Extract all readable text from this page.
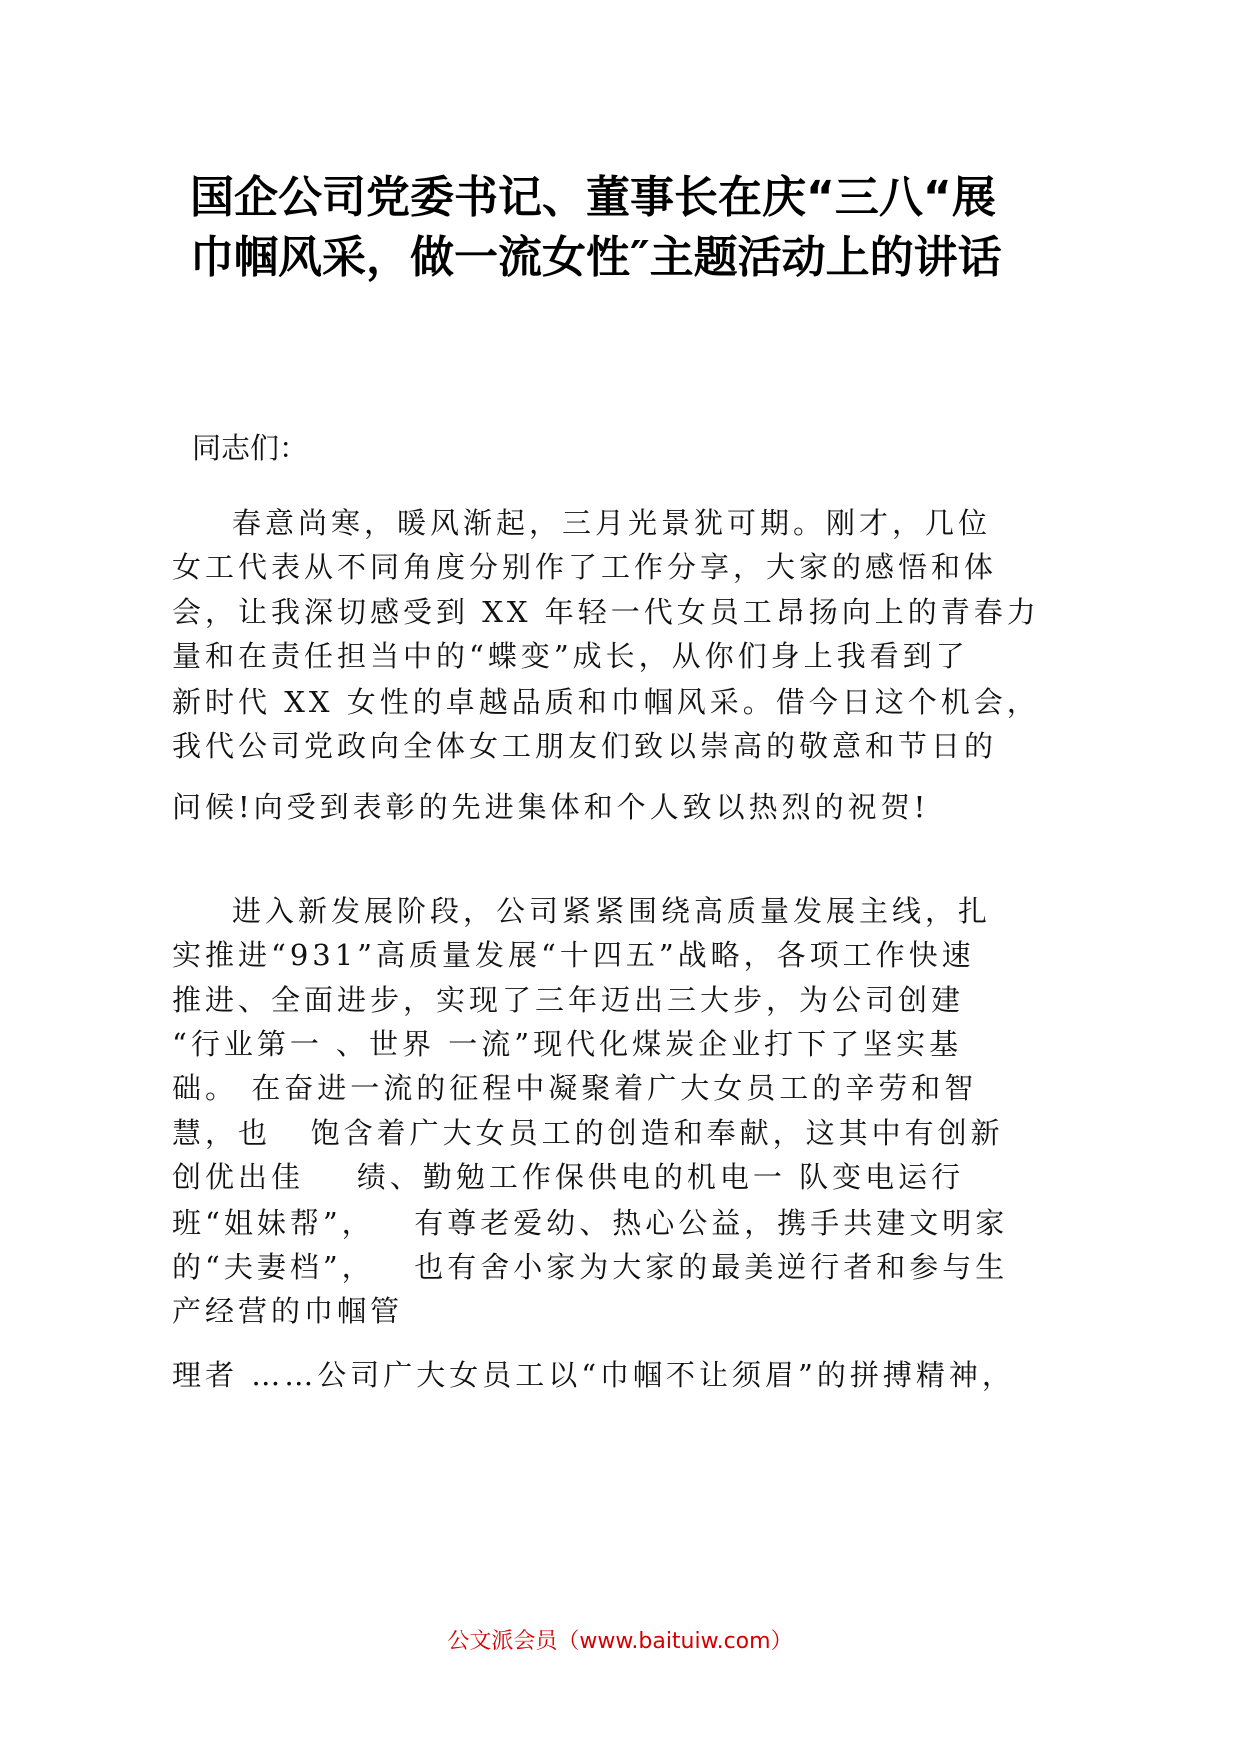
国企公司党委书记、董事长在庆“三八“展
巾帼风采，做一流女性″主题活动上的讲话

同志们：

春意尚寒，暖风渐起，三月光景犹可期。刚才，几位

女工代表从不同角度分别作了工作分享，大家的感悟和体

会，让我深切感受到 XX 年轻一代女员工昂扬向上的青春力

量和在责任担当中的“蝶变”成长，从你们身上我看到了

新时代 XX 女性的卓越品质和巾帼风采。借今日这个机会，

我代公司党政向全体女工朋友们致以崇高的敬意和节日的

问候!向受到表彰的先进集体和个人致以热烈的祝贺!

进入新发展阶段，公司紧紧围绕高质量发展主线，扎

实推进“931”高质量发展“十四五”战略，各项工作快速

推进、全面进步，实现了三年迈出三大步，为公司创建

“行业第一 、世界 一流”现代化煤炭企业打下了坚实基

础。 在奋进一流的征程中凝聚着广大女员工的辛劳和智

慧，也   饱含着广大女员工的创造和奉献，这其中有创新

创优出佳    绩、勤勉工作保供电的机电一 队变电运行

班“姐妹帮”，   有尊老爱幼、热心公益，携手共建文明家

的“夫妻档”，   也有舍小家为大家的最美逆行者和参与生

产经营的巾帼管

理者 ……公司广大女员工以“巾帼不让须眉”的拼搏精神，

公文派会员（www.baituiw.com）
